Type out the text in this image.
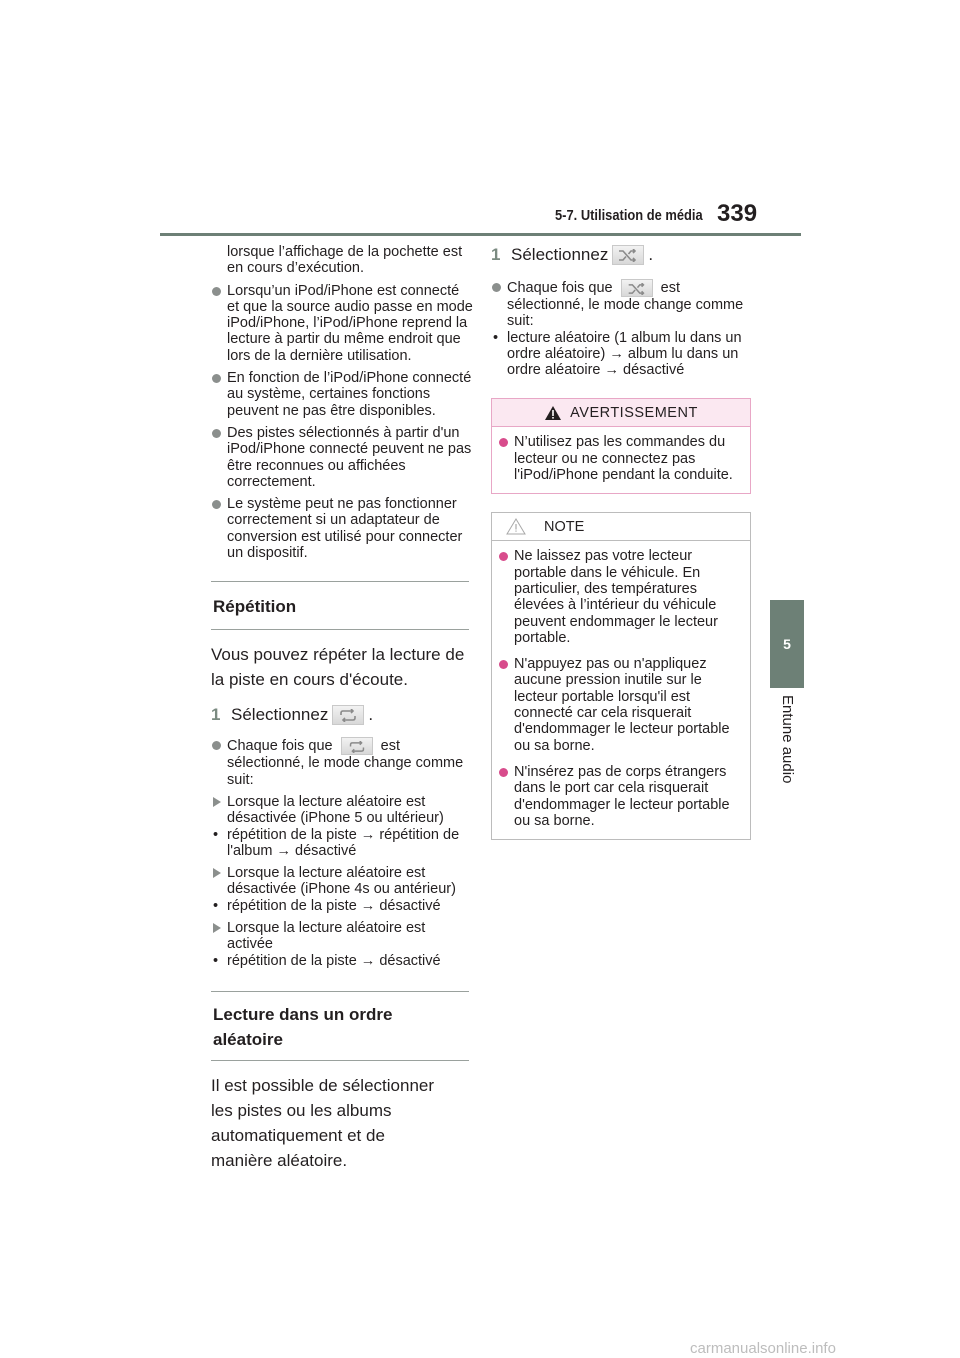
5-7. Utilisation de média 339
5
Entune audio
lorsque l’affichage de la pochette est en cours d’exécution.
Lorsqu’un iPod/iPhone est connecté et que la source audio passe en mode iPod/iPhone, l’iPod/iPhone reprend la lecture à partir du même endroit que lors de la dernière utilisation.
En fonction de l’iPod/iPhone connecté au système, certaines fonctions peuvent ne pas être disponibles.
Des pistes sélectionnés à partir d'un iPod/iPhone connecté peuvent ne pas être reconnues ou affichées correctement.
Le système peut ne pas fonctionner correctement si un adaptateur de conversion est utilisé pour connecter un dispositif.
Répétition
Vous pouvez répéter la lecture de la piste en cours d'écoute.
1 Sélectionnez .
Chaque fois que	est sélectionné, le mode change comme suit:
Lorsque la lecture aléatoire est désactivée (iPhone 5 ou ultérieur)
• répétition de la piste → répétition de l'album → désactivé
Lorsque la lecture aléatoire est désactivée (iPhone 4s ou antérieur)
• répétition de la piste → désactivé
Lorsque la lecture aléatoire est activée
• répétition de la piste → désactivé
Lecture dans un ordre aléatoire
Il est possible de sélectionner les pistes ou les albums automatiquement et de manière aléatoire.
1 Sélectionnez .
Chaque fois que	est sélectionné, le mode change comme suit:
• lecture aléatoire (1 album lu dans un ordre aléatoire) → album lu dans un ordre aléatoire → désactivé
AVERTISSEMENT
N’utilisez pas les commandes du lecteur ou ne connectez pas l'iPod/iPhone pendant la conduite.
NOTE
Ne laissez pas votre lecteur portable dans le véhicule. En particulier, des températures élevées à l’intérieur du véhicule peuvent endommager le lecteur portable.
N'appuyez pas ou n'appliquez aucune pression inutile sur le lecteur portable lorsqu'il est connecté car cela risquerait d'endommager le lecteur portable ou sa borne.
N'insérez pas de corps étrangers dans le port car cela risquerait d'endommager le lecteur portable ou sa borne.
carmanualsonline.info
